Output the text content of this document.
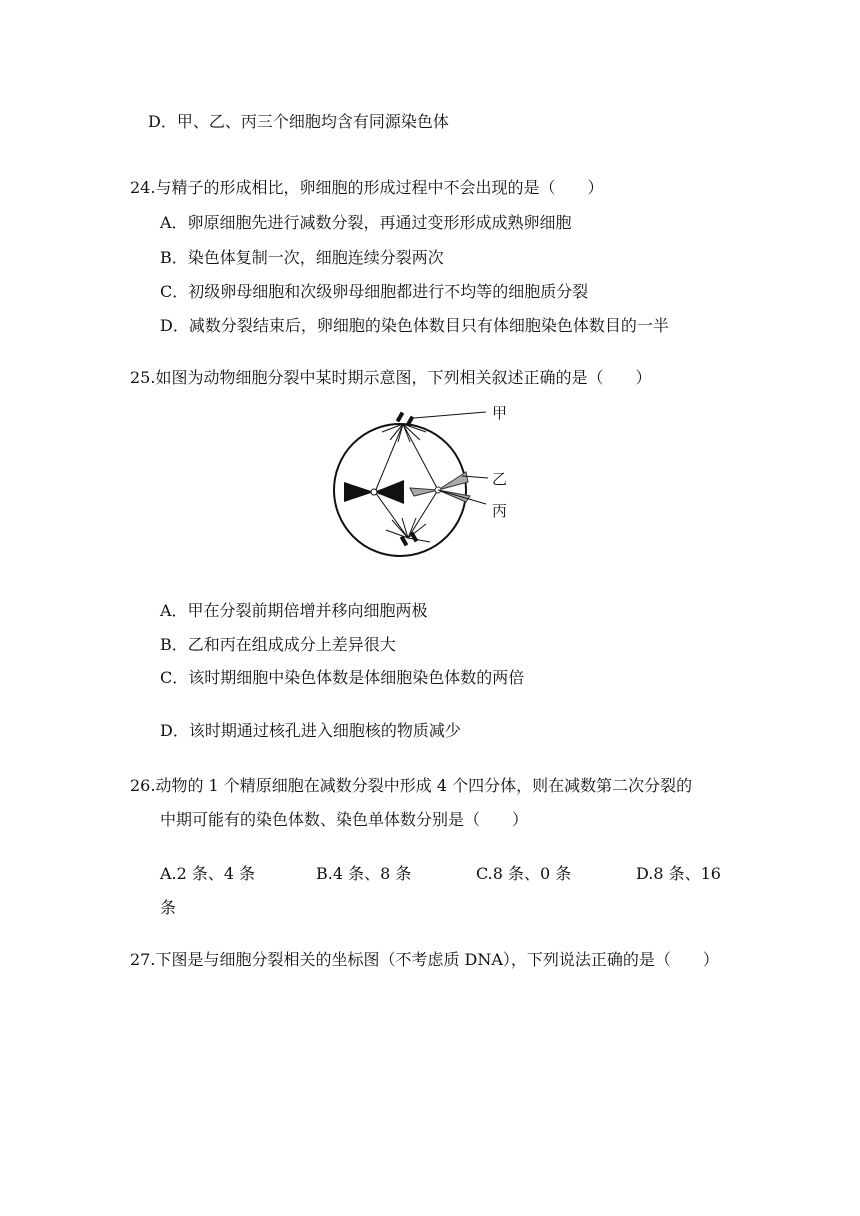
D．甲、乙、丙三个细胞均含有同源染色体
24.与精子的形成相比，卵细胞的形成过程中不会出现的是（　　）
A．卵原细胞先进行减数分裂，再通过变形形成成熟卵细胞
B．染色体复制一次，细胞连续分裂两次
C．初级卵母细胞和次级卵母细胞都进行不均等的细胞质分裂
D．减数分裂结束后，卵细胞的染色体数目只有体细胞染色体数目的一半
25.如图为动物细胞分裂中某时期示意图，下列相关叙述正确的是（　　）
甲
乙
丙
A．甲在分裂前期倍增并移向细胞两极
B．乙和丙在组成成分上差异很大
C．该时期细胞中染色体数是体细胞染色体数的两倍
D．该时期通过核孔进入细胞核的物质减少
26.动物的 1 个精原细胞在减数分裂中形成 4 个四分体，则在减数第二次分裂的
中期可能有的染色体数、染色单体数分别是（　　）
A.2 条、4 条	B.4 条、8 条	C.8 条、0 条	D.8 条、16
条
27.下图是与细胞分裂相关的坐标图（不考虑质 DNA），下列说法正确的是（　　）
